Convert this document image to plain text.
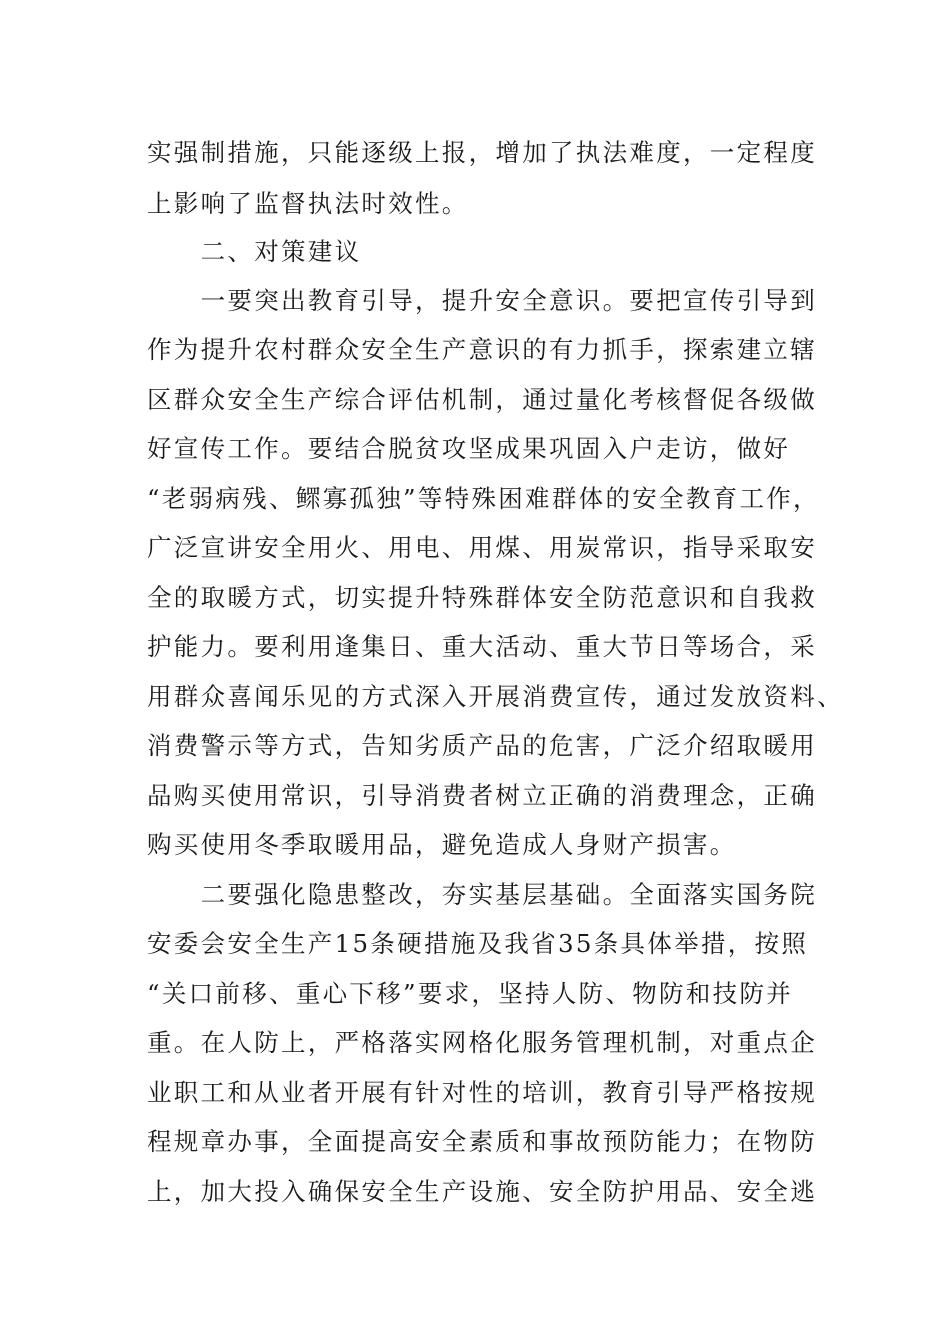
实强制措施，只能逐级上报，增加了执法难度，一定程度
上影响了监督执法时效性。
　　二、对策建议
　　一要突出教育引导，提升安全意识。要把宣传引导到
作为提升农村群众安全生产意识的有力抓手，探索建立辖
区群众安全生产综合评估机制，通过量化考核督促各级做
好宣传工作。要结合脱贫攻坚成果巩固入户走访，做好
“老弱病残、鳏寡孤独”等特殊困难群体的安全教育工作，
广泛宣讲安全用火、用电、用煤、用炭常识，指导采取安
全的取暖方式，切实提升特殊群体安全防范意识和自我救
护能力。要利用逢集日、重大活动、重大节日等场合，采
用群众喜闻乐见的方式深入开展消费宣传，通过发放资料、
消费警示等方式，告知劣质产品的危害，广泛介绍取暖用
品购买使用常识，引导消费者树立正确的消费理念，正确
购买使用冬季取暖用品，避免造成人身财产损害。
　　二要强化隐患整改，夯实基层基础。全面落实国务院
安委会安全生产15条硬措施及我省35条具体举措，按照
“关口前移、重心下移”要求，坚持人防、物防和技防并
重。在人防上，严格落实网格化服务管理机制，对重点企
业职工和从业者开展有针对性的培训，教育引导严格按规
程规章办事，全面提高安全素质和事故预防能力；在物防
上，加大投入确保安全生产设施、安全防护用品、安全逃
